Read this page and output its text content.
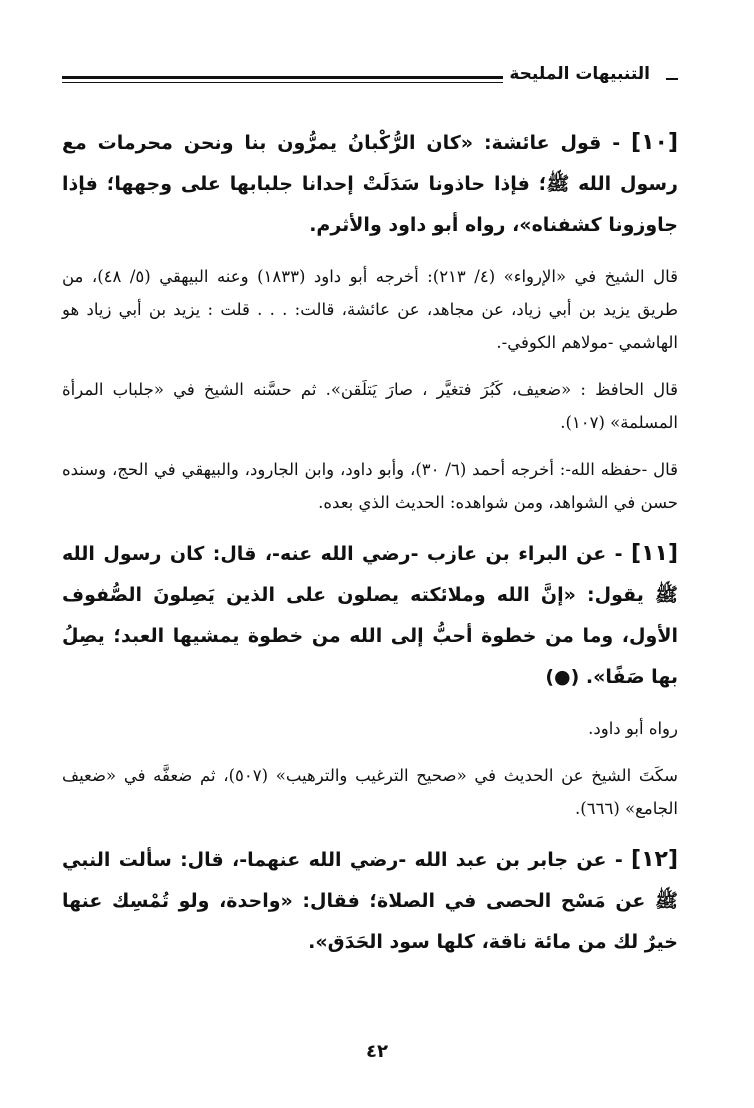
التنبيهات المليحة

[١٠] - قول عائشة: «كان الرُّكْبانُ يمرُّون بنا ونحن محرمات مع رسول الله ﷺ؛ فإذا حاذونا سَدَلَتْ إحدانا جلبابها على وجهها؛ فإذا جاوزونا كشفناه»، رواه أبو داود والأثرم.

قال الشيخ في «الإرواء» (٤/ ٢١٣): أخرجه أبو داود (١٨٣٣) وعنه البيهقي (٥/ ٤٨)، من طريق يزيد بن أبي زياد، عن مجاهد، عن عائشة، قالت: . . . قلت : يزيد بن أبي زياد هو الهاشمي -مولاهم الكوفي-.

قال الحافظ : «ضعيف، كَبُرَ فتغيَّر ، صارَ يَتلَقن». ثم حسَّنه الشيخ في «جلباب المرأة المسلمة» (١٠٧).

قال -حفظه الله-: أخرجه أحمد (٦/ ٣٠)، وأبو داود، وابن الجارود، والبيهقي في الحج، وسنده حسن في الشواهد، ومن شواهده: الحديث الذي بعده.

[١١] - عن البراء بن عازب -رضي الله عنه-، قال: كان رسول الله ﷺ يقول: «إنَّ الله وملائكته يصلون على الذين يَصِلونَ الصُّفوف الأول، وما من خطوة أحبُّ إلى الله من خطوة يمشيها العبد؛ يصِلُ بها صَفًا». (●)

رواه أبو داود.

سكَتَ الشيخ عن الحديث في «صحيح الترغيب والترهيب» (٥٠٧)، ثم ضعفَّه في «ضعيف الجامع» (٦٦٦).

[١٢] - عن جابر بن عبد الله -رضي الله عنهما-، قال: سألت النبي ﷺ عن مَسْح الحصى في الصلاة؛ فقال: «واحدة، ولو تُمْسِك عنها خيرٌ لك من مائة ناقة، كلها سود الحَدَق».

٤٢
